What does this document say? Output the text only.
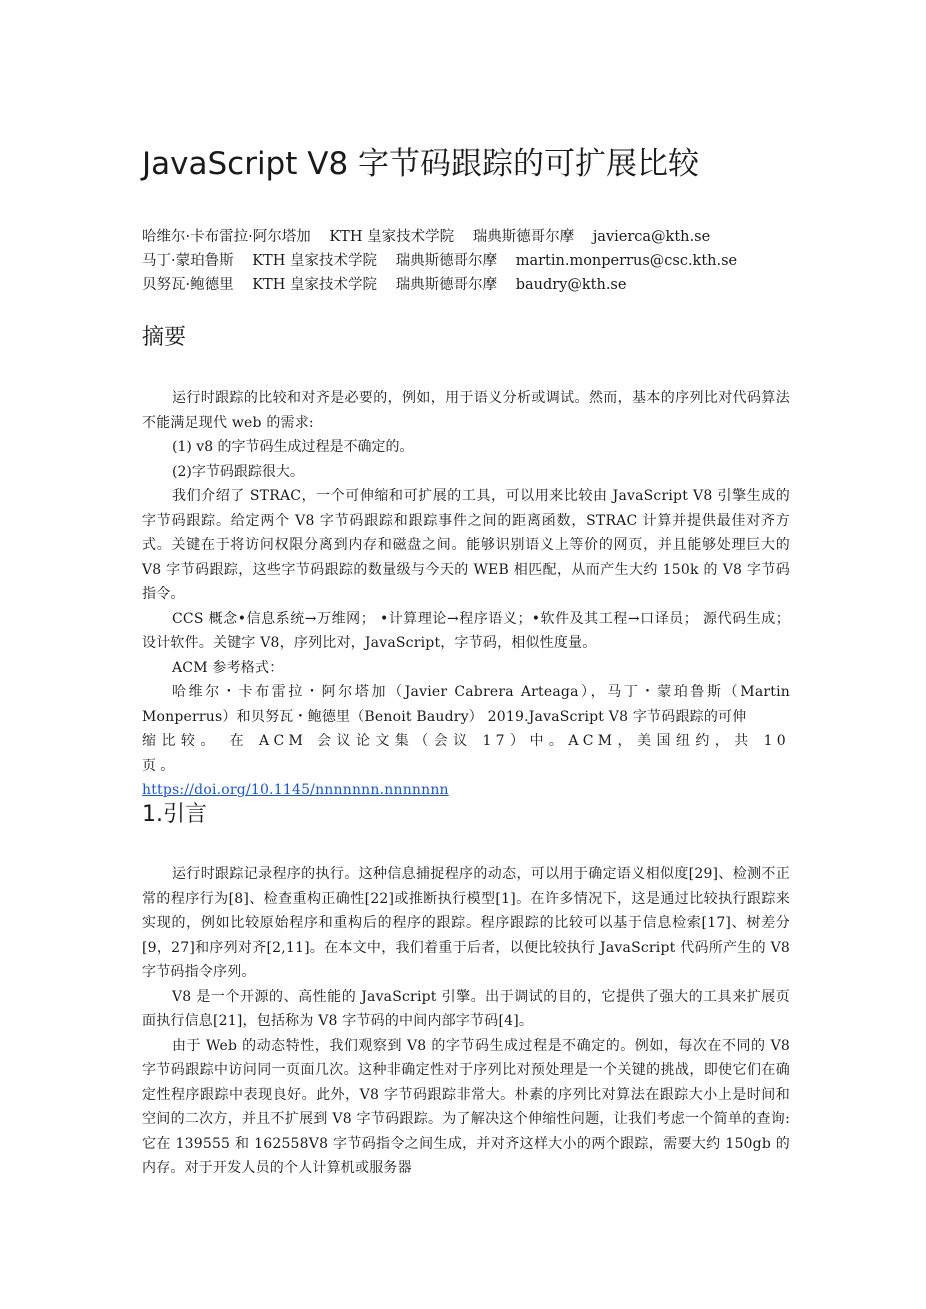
JavaScript V8 字节码跟踪的可扩展比较
哈维尔·卡布雷拉·阿尔塔加 KTH 皇家技术学院 瑞典斯德哥尔摩 javierca@kth.se
马丁·蒙珀鲁斯 KTH 皇家技术学院 瑞典斯德哥尔摩 martin.monperrus@csc.kth.se
贝努瓦·鲍德里 KTH 皇家技术学院 瑞典斯德哥尔摩 baudry@kth.se
摘要

运行时跟踪的比较和对齐是必要的，例如，用于语义分析或调试。然而，基本的序列比对代码算法不能满足现代 web 的需求:

(1) v8 的字节码生成过程是不确定的。

(2)字节码跟踪很大。

我们介绍了 STRAC，一个可伸缩和可扩展的工具，可以用来比较由 JavaScript V8 引擎生成的字节码跟踪。给定两个 V8 字节码跟踪和跟踪事件之间的距离函数，STRAC 计算并提供最佳对齐方式。关键在于将访问权限分离到内存和磁盘之间。能够识别语义上等价的网页，并且能够处理巨大的 V8 字节码跟踪，这些字节码跟踪的数量级与今天的 WEB 相匹配，从而产生大约 150k 的 V8 字节码指令。

CCS 概念•信息系统→万维网； •计算理论→程序语义；•软件及其工程→口译员； 源代码生成； 设计软件。关键字 V8，序列比对，JavaScript，字节码，相似性度量。

ACM 参考格式：

哈维尔・卡布雷拉・阿尔塔加（Javier Cabrera Arteaga），马丁・蒙珀鲁斯（Martin Monperrus）和贝努瓦・鲍德里（Benoit Baudry） 2019.JavaScript V8 字节码跟踪的可伸
缩比较。 在 ACM 会议论文集（会议 17）中。ACM，美国纽约，共 10 页。
https://doi.org/10.1145/nnnnnnn.nnnnnnn

1.引言

运行时跟踪记录程序的执行。这种信息捕捉程序的动态，可以用于确定语义相似度[29]、检测不正常的程序行为[8]、检查重构正确性[22]或推断执行模型[1]。在许多情况下，这是通过比较执行跟踪来实现的，例如比较原始程序和重构后的程序的跟踪。程序跟踪的比较可以基于信息检索[17]、树差分[9，27]和序列对齐[2,11]。在本文中，我们着重于后者，以便比较执行 JavaScript 代码所产生的 V8 字节码指令序列。

V8 是一个开源的、高性能的 JavaScript 引擎。出于调试的目的，它提供了强大的工具来扩展页面执行信息[21]，包括称为 V8 字节码的中间内部字节码[4]。

由于 Web 的动态特性，我们观察到 V8 的字节码生成过程是不确定的。例如，每次在不同的 V8 字节码跟踪中访问同一页面几次。这种非确定性对于序列比对预处理是一个关键的挑战，即使它们在确定性程序跟踪中表现良好。此外，V8 字节码跟踪非常大。朴素的序列比对算法在跟踪大小上是时间和空间的二次方，并且不扩展到 V8 字节码跟踪。为了解决这个伸缩性问题，让我们考虑一个简单的查询:它在 139555 和 162558V8 字节码指令之间生成，并对齐这样大小的两个跟踪，需要大约 150gb 的内存。对于开发人员的个人计算机或服务器
